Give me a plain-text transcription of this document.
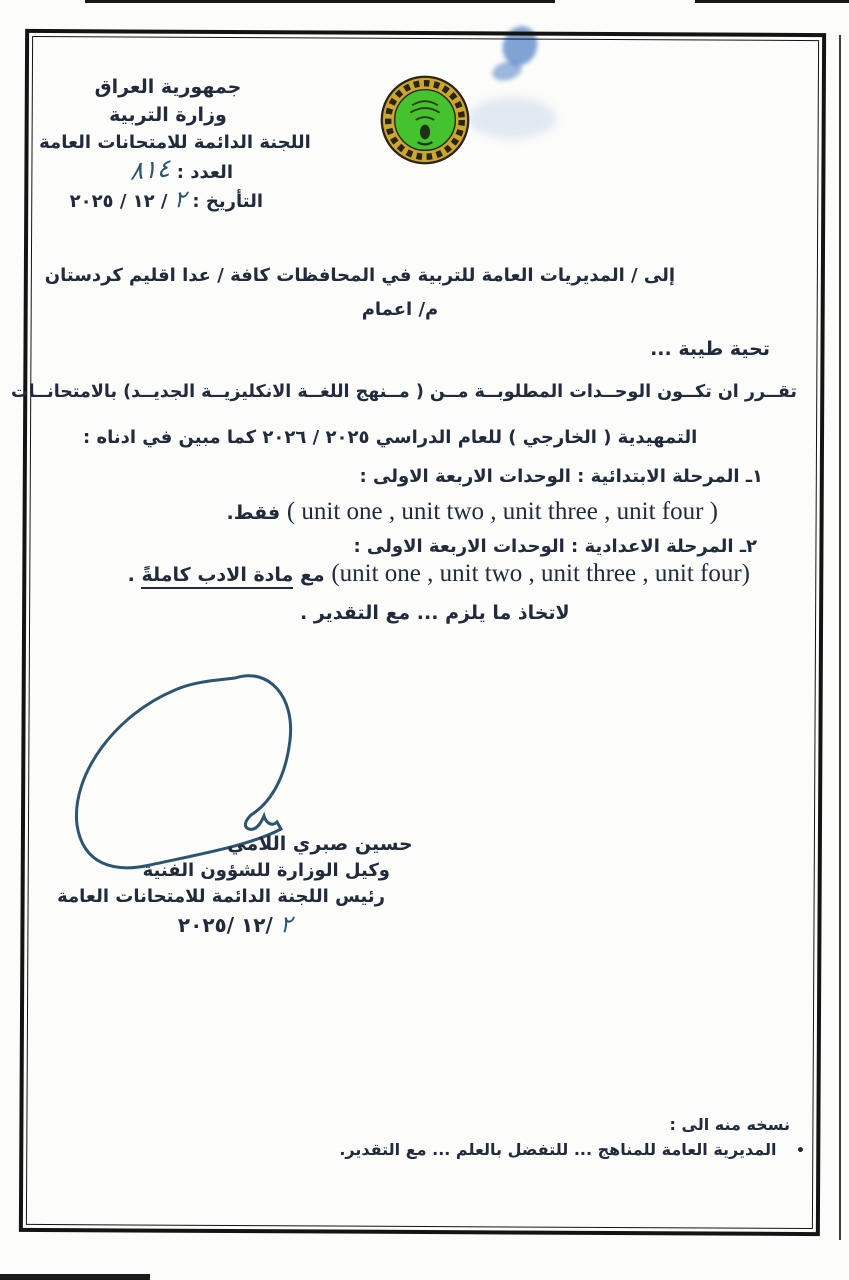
جمهورية العراق
وزارة التربية
اللجنة الدائمة للامتحانات العامة
العدد : ٨١٤
التأريخ : ٢ / ١٢ / ٢٠٢٥
إلى / المديريات العامة للتربية في المحافظات كافة / عدا اقليم كردستان
م/ اعمام
تحية طيبة ...
تقــرر ان تكــون الوحــدات المطلوبــة مــن ( مــنهج اللغــة الانكليزيــة الجديــد) بالامتحانــات
التمهيدية ( الخارجي ) للعام الدراسي ٢٠٢٥ / ٢٠٢٦ كما مبين في ادناه :
١ـ المرحلة الابتدائية : الوحدات الاربعة الاولى :
( unit one , unit two , unit three , unit four ) فقط.
٢ـ المرحلة الاعدادية : الوحدات الاربعة الاولى :
(unit one , unit two , unit three , unit four) مع مادة الادب كاملةً .
لاتخاذ ما يلزم ... مع التقدير .
حسين صبري اللامي
وكيل الوزارة للشؤون الفنية
رئيس اللجنة الدائمة للامتحانات العامة
٢ /١٢ /٢٠٢٥
نسخه منه الى :
• المديرية العامة للمناهج ... للتفضل بالعلم ... مع التقدير.
